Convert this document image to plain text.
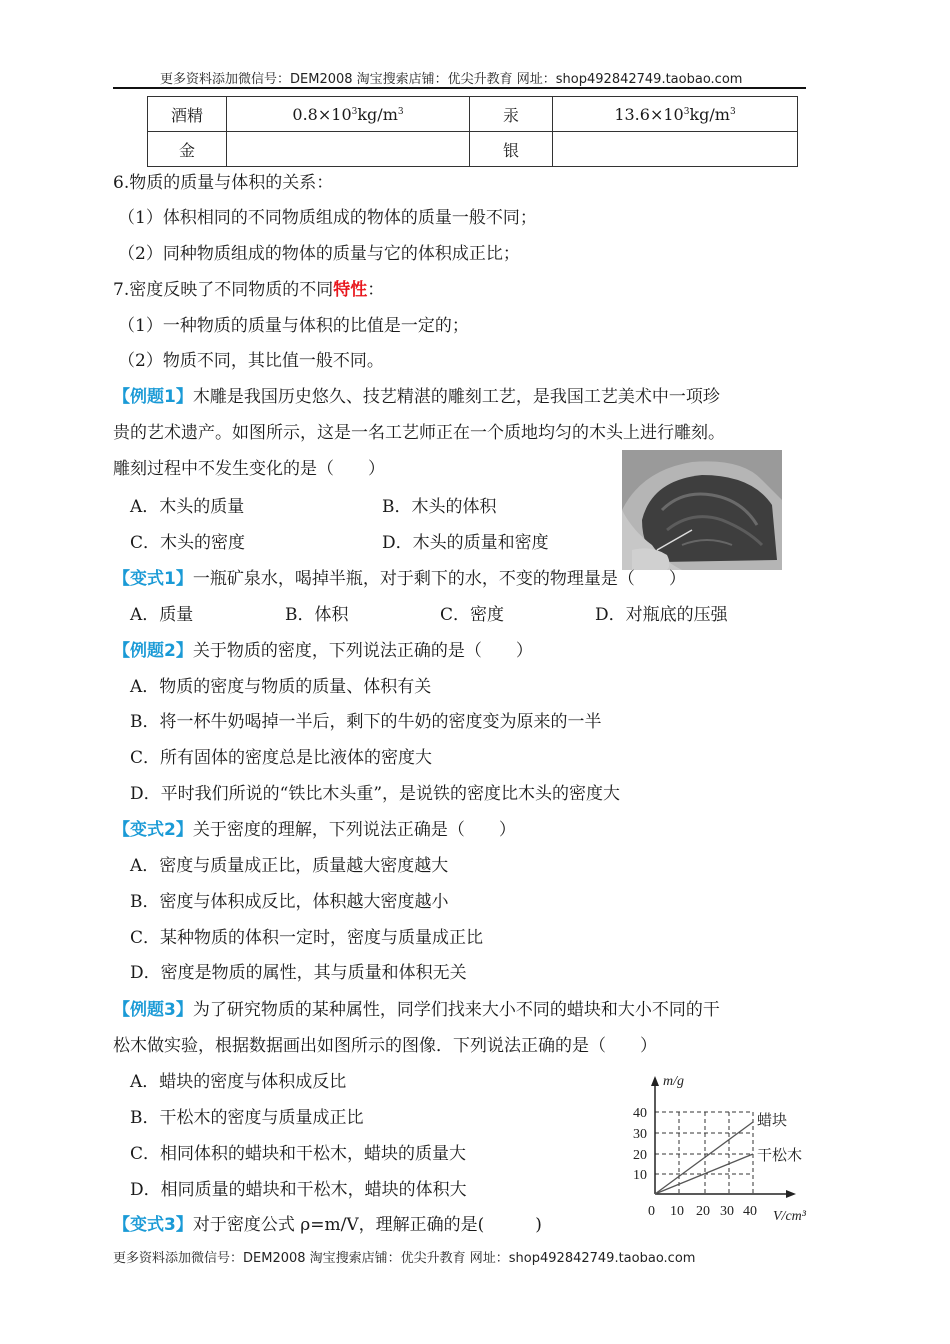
更多资料添加微信号：DEM2008 淘宝搜索店铺：优尖升教育 网址：shop492842749.taobao.com
酒精	$0.8\times 10^3kg/m^3$	汞	$13.6\times 10^3kg/m^3$
金		银	
6.物质的质量与体积的关系：
（1）体积相同的不同物质组成的物体的质量一般不同；
（2）同种物质组成的物体的质量与它的体积成正比；
7.密度反映了不同物质的不同特性：
（1）一种物质的质量与体积的比值是一定的；
（2）物质不同，其比值一般不同。
【例题1】木雕是我国历史悠久、技艺精湛的雕刻工艺，是我国工艺美术中一项珍
贵的艺术遗产。如图所示，这是一名工艺师正在一个质地均匀的木头上进行雕刻。
雕刻过程中不发生变化的是（　　）
A．木头的质量	B．木头的体积
C．木头的密度	D．木头的质量和密度
【变式1】一瓶矿泉水，喝掉半瓶，对于剩下的水，不变的物理量是（　　）
A．质量	B．体积	C．密度	D．对瓶底的压强
【例题2】关于物质的密度，下列说法正确的是（　　）
A．物质的密度与物质的质量、体积有关
B．将一杯牛奶喝掉一半后，剩下的牛奶的密度变为原来的一半
C．所有固体的密度总是比液体的密度大
D．平时我们所说的“铁比木头重”，是说铁的密度比木头的密度大
【变式2】关于密度的理解，下列说法正确是（　　）
A．密度与质量成正比，质量越大密度越大
B．密度与体积成反比，体积越大密度越小
C．某种物质的体积一定时，密度与质量成正比
D．密度是物质的属性，其与质量和体积无关
【例题3】为了研究物质的某种属性，同学们找来大小不同的蜡块和大小不同的干
松木做实验，根据数据画出如图所示的图像．下列说法正确的是（　　）
A．蜡块的密度与体积成反比
B．干松木的密度与质量成正比
C．相同体积的蜡块和干松木，蜡块的质量大
D．相同质量的蜡块和干松木，蜡块的体积大
40
30
20
10
0 10 20 30 40
m/g
V/cm³
蜡块
干松木
【变式3】对于密度公式 ρ=m/V，理解正确的是(　　　)
更多资料添加微信号：DEM2008 淘宝搜索店铺：优尖升教育 网址：shop492842749.taobao.com
